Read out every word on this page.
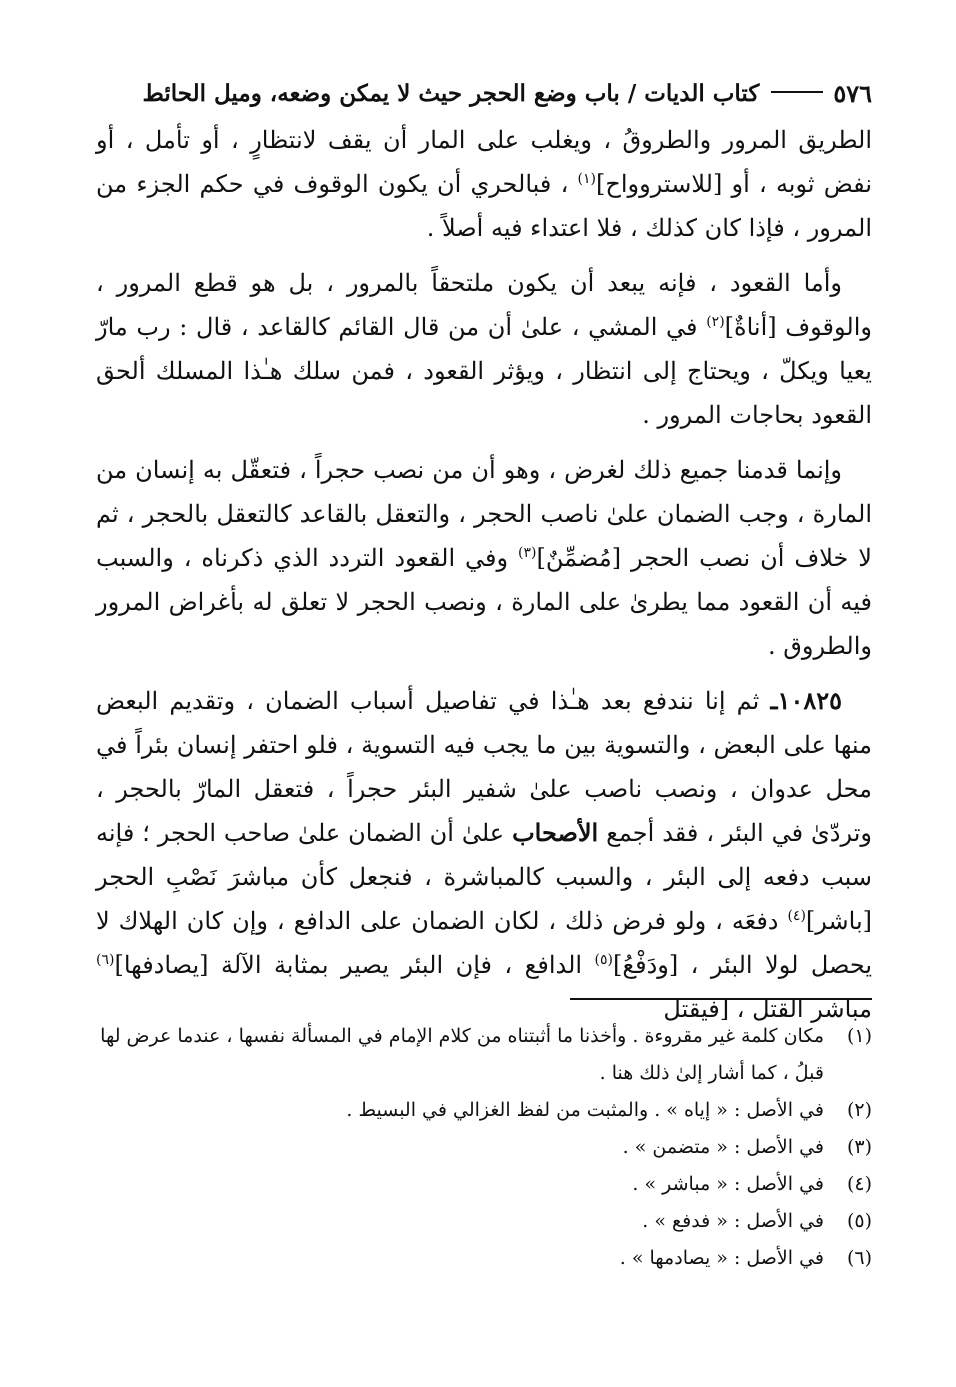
٥٧٦
كتاب الديات / باب وضع الحجر حيث لا يمكن وضعه، وميل الحائط

الطريق المرور والطروقُ ، ويغلب على المار أن يقف لانتظارٍ ، أو تأمل ، أو نفض ثوبه ، أو [للاستروواح]$^{(١)}$ ، فبالحري أن يكون الوقوف في حكم الجزء من المرور ، فإذا كان كذلك ، فلا اعتداء فيه أصلاً .

وأما القعود ، فإنه يبعد أن يكون ملتحقاً بالمرور ، بل هو قطع المرور ، والوقوف [أناةٌ]$^{(٢)}$ في المشي ، علىٰ أن من قال القائم كالقاعد ، قال : رب مارّ يعيا ويكلّ ، ويحتاج إلى انتظار ، ويؤثر القعود ، فمن سلك هـٰذا المسلك ألحق القعود بحاجات المرور .

وإنما قدمنا جميع ذلك لغرض ، وهو أن من نصب حجراً ، فتعقّل به إنسان من المارة ، وجب الضمان علىٰ ناصب الحجر ، والتعقل بالقاعد كالتعقل بالحجر ، ثم لا خلاف أن نصب الحجر [مُضمِّنٌ]$^{(٣)}$ وفي القعود التردد الذي ذكرناه ، والسبب فيه أن القعود مما يطرىٰ على المارة ، ونصب الحجر لا تعلق له بأغراض المرور والطروق .

١٠٨٢٥ـ ثم إنا نندفع بعد هـٰذا في تفاصيل أسباب الضمان ، وتقديم البعض منها على البعض ، والتسوية بين ما يجب فيه التسوية ، فلو احتفر إنسان بئراً في محل عدوان ، ونصب ناصب علىٰ شفير البئر حجراً ، فتعقل المارّ بالحجر ، وتردّىٰ في البئر ، فقد أجمع الأصحاب علىٰ أن الضمان علىٰ صاحب الحجر ؛ فإنه سبب دفعه إلى البئر ، والسبب كالمباشرة ، فنجعل كأن مباشرَ نَصْبِ الحجر [باشر]$^{(٤)}$ دفعَه ، ولو فرض ذلك ، لكان الضمان على الدافع ، وإن كان الهلاك لا يحصل لولا البئر ، [ودَفْعُ]$^{(٥)}$ الدافع ، فإن البئر يصير بمثابة الآلة [يصادفها]$^{(٦)}$ مباشر القتل ، [فيقتل

(١)
مكان كلمة غير مقروءة . وأخذنا ما أثبتناه من كلام الإمام في المسألة نفسها ، عندما عرض لها قبلُ ، كما أشار إلىٰ ذلك هنا .
(٢)
في الأصل : « إياه » . والمثبت من لفظ الغزالي في البسيط .
(٣)
في الأصل : « متضمن » .
(٤)
في الأصل : « مباشر » .
(٥)
في الأصل : « فدفع » .
(٦)
في الأصل : « يصادمها » .
